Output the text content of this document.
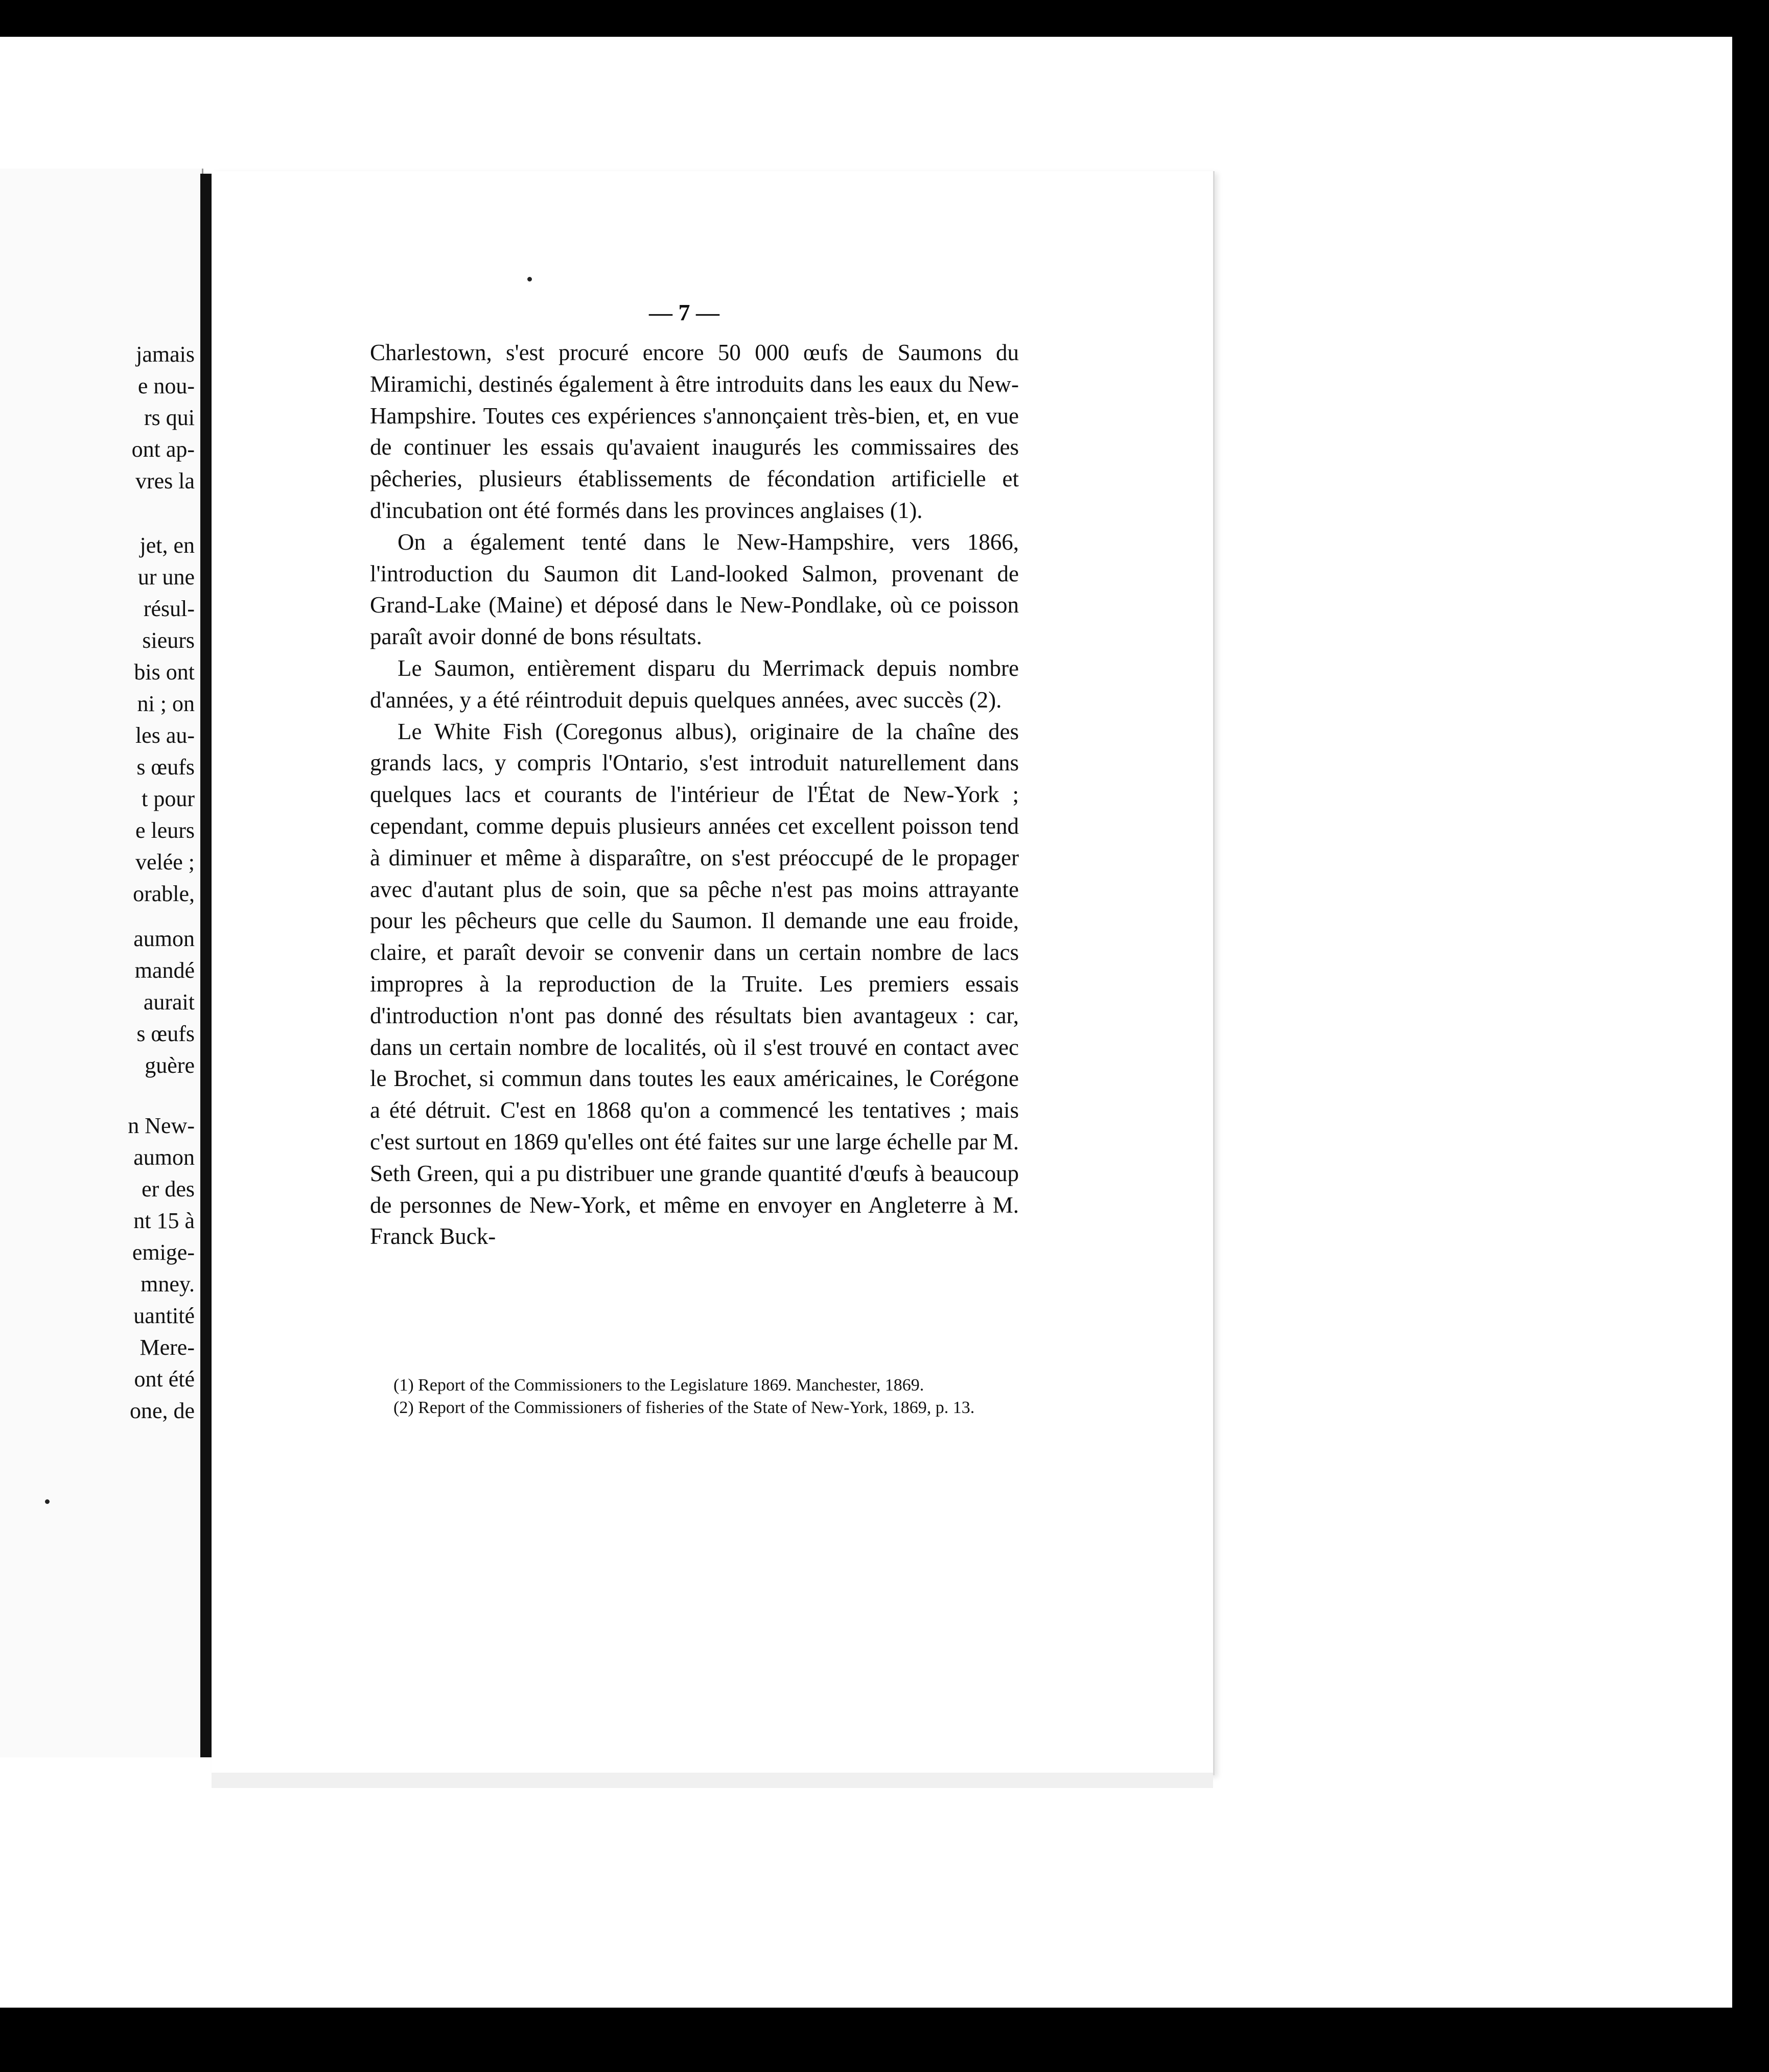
jamais
e nou-
rs qui
ont ap-
vres la
jet, en
ur une
résul-
sieurs
bis ont
ni ; on
les au-
s œufs
t pour
e leurs
velée ;
orable,
aumon
mandé
aurait
s œufs
guère
n New-
aumon
er des
nt 15 à
emige-
mney.
uantité
Mere-
ont été
one, de
— 7 —

Charlestown, s'est procuré encore 50 000 œufs de Saumons du Miramichi, destinés également à être introduits dans les eaux du New-Hampshire. Toutes ces expériences s'annonçaient très-bien, et, en vue de continuer les essais qu'avaient inaugurés les commissaires des pêcheries, plusieurs établissements de fécondation artificielle et d'incubation ont été formés dans les provinces anglaises (1).

On a également tenté dans le New-Hampshire, vers 1866, l'introduction du Saumon dit Land-looked Salmon, provenant de Grand-Lake (Maine) et déposé dans le New-Pondlake, où ce poisson paraît avoir donné de bons résultats.

Le Saumon, entièrement disparu du Merrimack depuis nombre d'années, y a été réintroduit depuis quelques années, avec succès (2).

Le White Fish (Coregonus albus), originaire de la chaîne des grands lacs, y compris l'Ontario, s'est introduit naturellement dans quelques lacs et courants de l'intérieur de l'État de New-York ; cependant, comme depuis plusieurs années cet excellent poisson tend à diminuer et même à disparaître, on s'est préoccupé de le propager avec d'autant plus de soin, que sa pêche n'est pas moins attrayante pour les pêcheurs que celle du Saumon. Il demande une eau froide, claire, et paraît devoir se convenir dans un certain nombre de lacs impropres à la reproduction de la Truite. Les premiers essais d'introduction n'ont pas donné des résultats bien avantageux : car, dans un certain nombre de localités, où il s'est trouvé en contact avec le Brochet, si commun dans toutes les eaux américaines, le Corégone a été détruit. C'est en 1868 qu'on a commencé les tentatives ; mais c'est surtout en 1869 qu'elles ont été faites sur une large échelle par M. Seth Green, qui a pu distribuer une grande quantité d'œufs à beaucoup de personnes de New-York, et même en envoyer en Angleterre à M. Franck Buck-

(1) Report of the Commissioners to the Legislature 1869. Manchester, 1869.

(2) Report of the Commissioners of fisheries of the State of New-York, 1869, p. 13.
